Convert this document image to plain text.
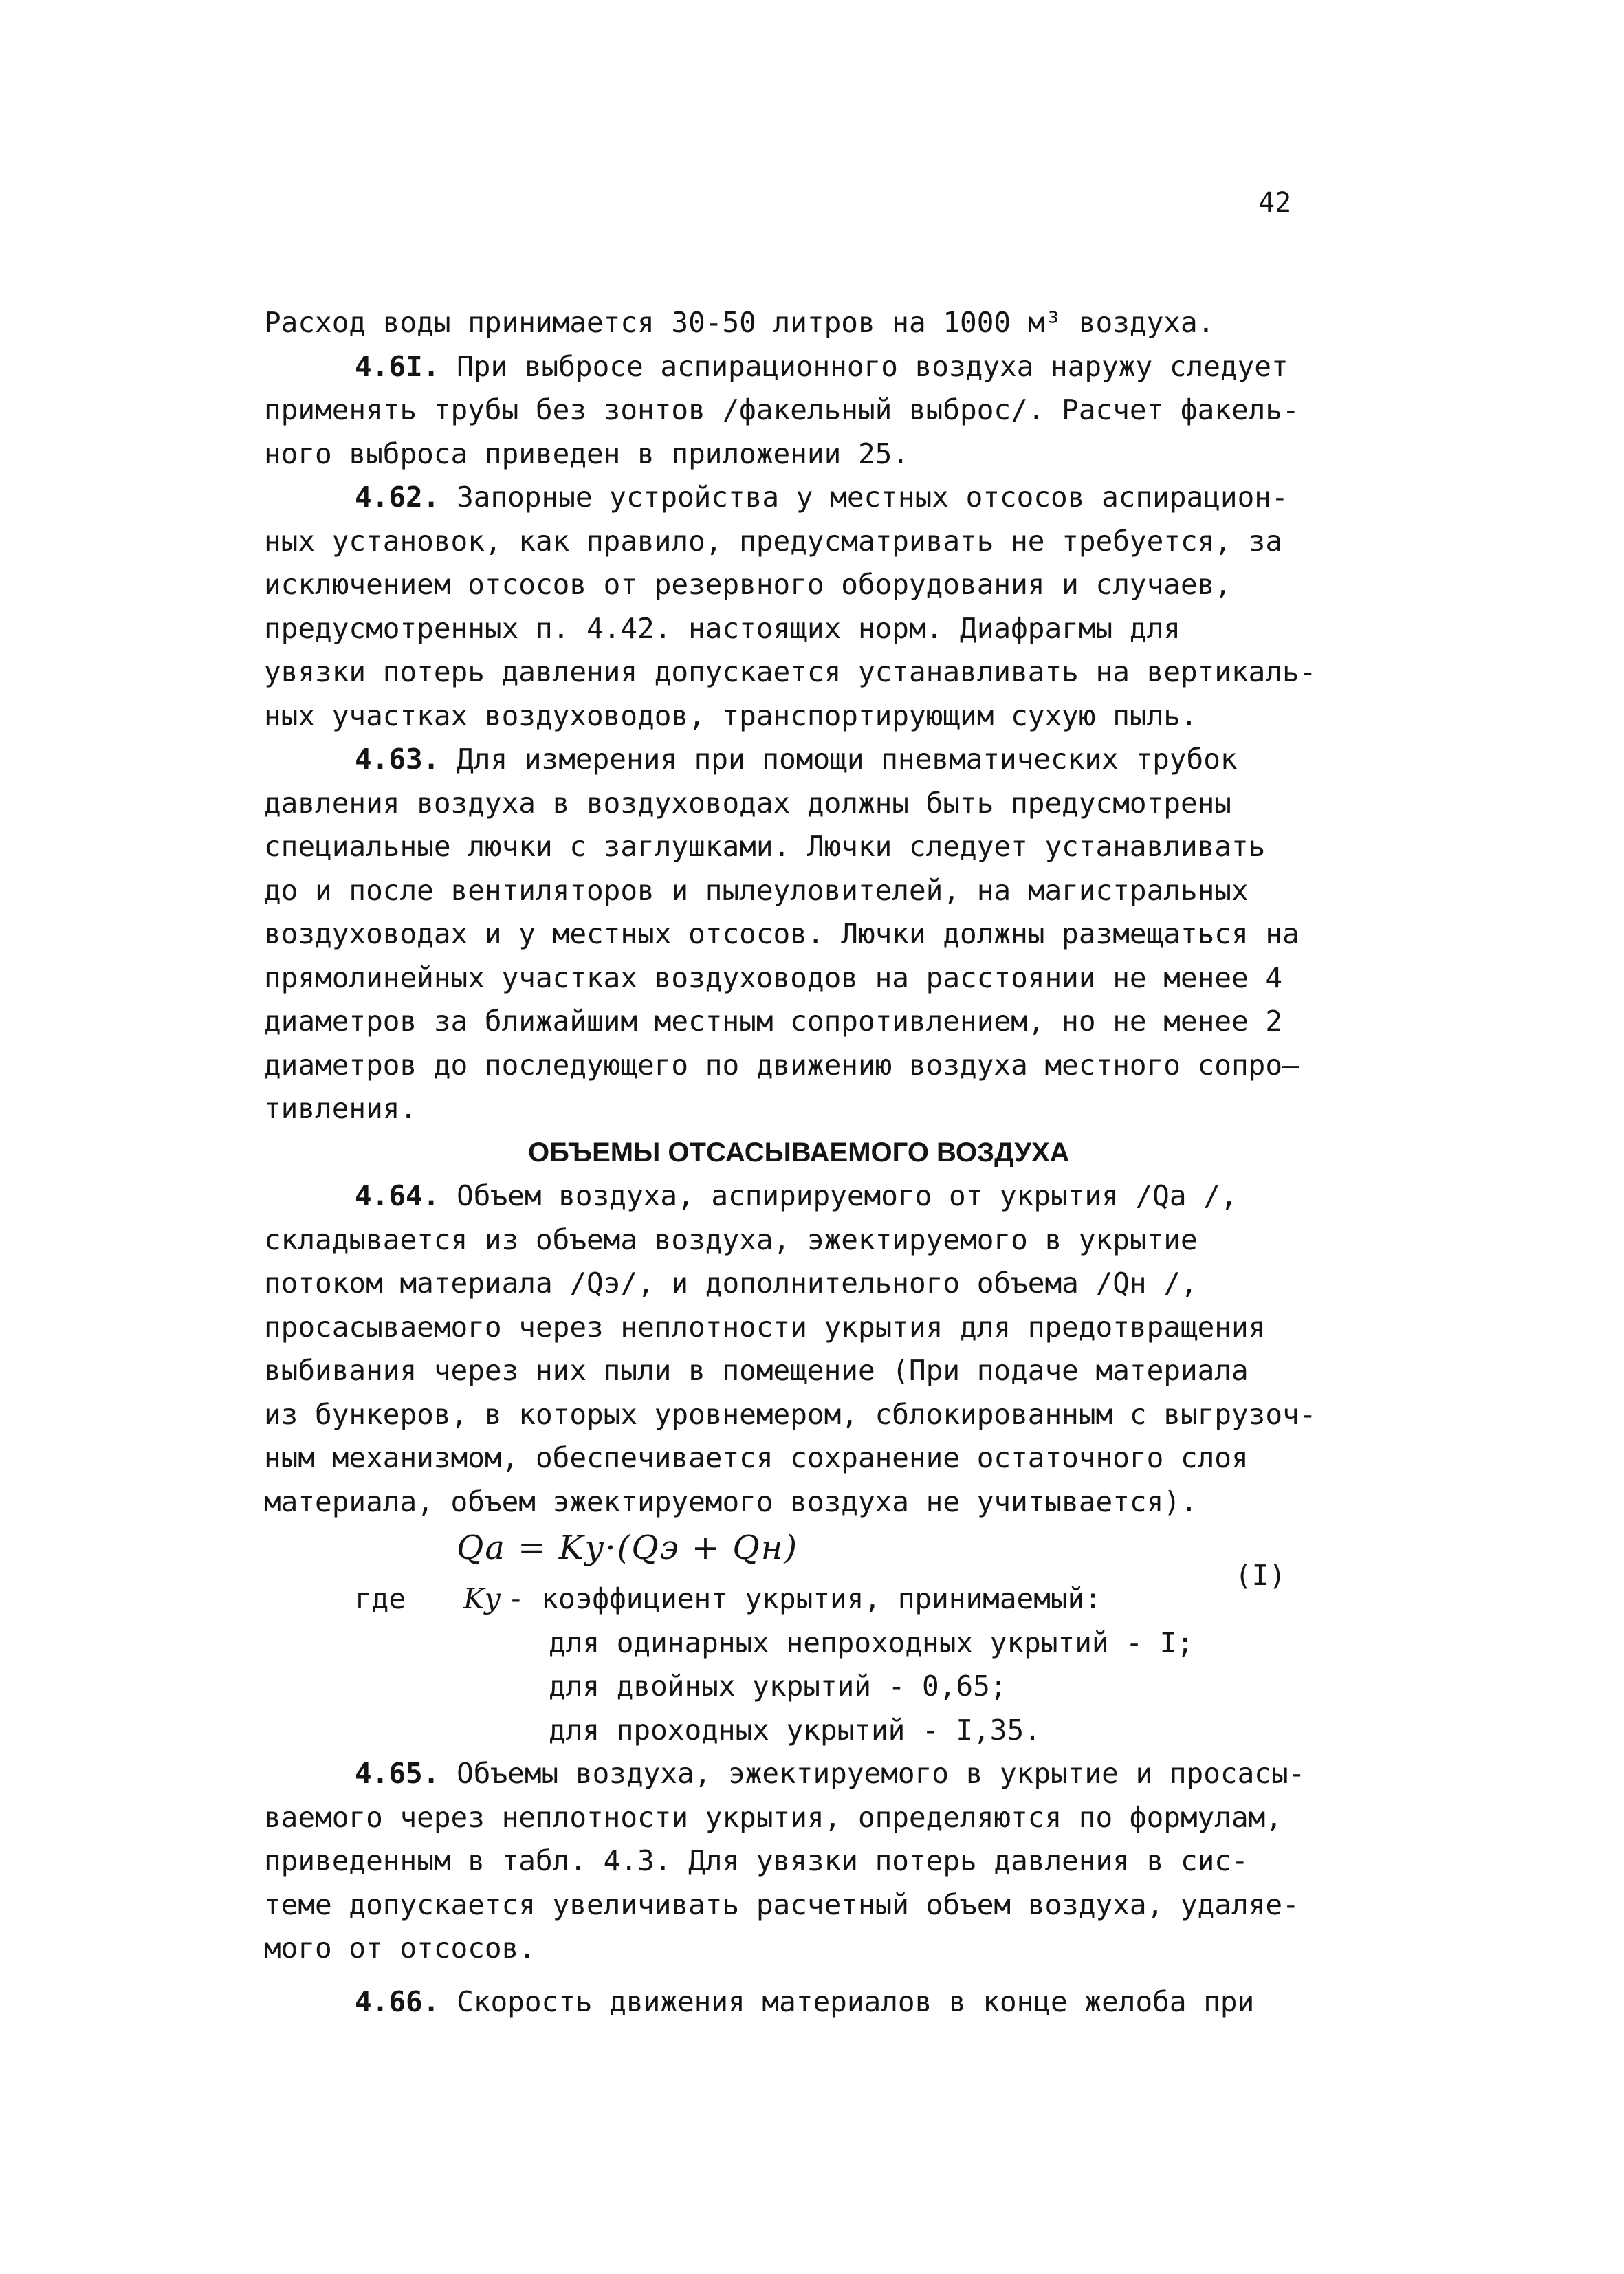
42
Расход воды принимается 30-50 литров на 1000 м³ воздуха.
4.6I. При выбросе аспирационного воздуха наружу следует
применять трубы без зонтов /факельный выброс/. Расчет факель-
ного выброса приведен в приложении 25.
4.62. Запорные устройства у местных отсосов аспирацион-
ных установок, как правило, предусматривать не требуется, за
исключением отсосов от резервного оборудования и случаев,
предусмотренных п. 4.42. настоящих норм. Диафрагмы для
увязки потерь давления допускается устанавливать на вертикаль-
ных участках воздуховодов, транспортирующим сухую пыль.
4.63. Для измерения при помощи пневматических трубок
давления воздуха в воздуховодах должны быть предусмотрены
специальные лючки с заглушками. Лючки следует устанавливать
до и после вентиляторов и пылеуловителей, на магистральных
воздуховодах и у местных отсосов. Лючки должны размещаться на
прямолинейных участках воздуховодов на расстоянии не менее 4
диаметров за ближайшим местным сопротивлением, но не менее 2
диаметров до последующего по движению воздуха местного сопро—
тивления.
ОБЪЕМЫ ОТСАСЫВАЕМОГО ВОЗДУХА
4.64. Объем воздуха, аспирируемого от укрытия /Qа /,
складывается из объема воздуха, эжектируемого в укрытие
потоком материала /Qэ/, и дополнительного объема /Qн /,
просасываемого через неплотности укрытия для предотвращения
выбивания через них пыли в помещение (При подаче материала
из бункеров, в которых уровнемером, сблокированным с выгрузоч-
ным механизмом, обеспечивается сохранение остаточного слоя
материала, объем эжектируемого воздуха не учитывается).
Qа = Kу·(Qэ + Qн)
(I)
где Kу - коэффициент укрытия, принимаемый:
для одинарных непроходных укрытий - I;
для двойных укрытий - 0,65;
для проходных укрытий - I,35.
4.65. Объемы воздуха, эжектируемого в укрытие и просасы-
ваемого через неплотности укрытия, определяются по формулам,
приведенным в табл. 4.3. Для увязки потерь давления в сис-
теме допускается увеличивать расчетный объем воздуха, удаляе-
мого от отсосов.
4.66. Скорость движения материалов в конце желоба при
